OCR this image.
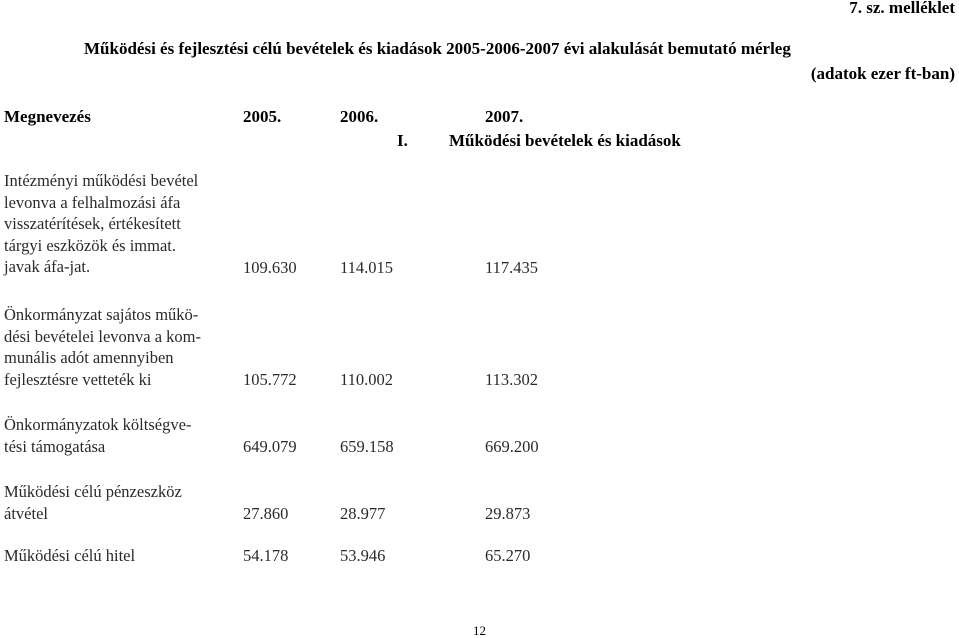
7. sz. melléklet
Működési és fejlesztési célú bevételek és kiadások 2005-2006-2007 évi alakulását bemutató mérleg
(adatok ezer ft-ban)
Megnevezés	2005.	2006.	2007.
I. Működési bevételek és kiadások
Intézményi működési bevétel
levonva a felhalmozási áfa
visszatérítések, értékesített
tárgyi eszközök és immat.
javak áfa-jat.	109.630	114.015	117.435
Önkormányzat sajátos műkö-
dési bevételei levonva a kom-
munális adót amennyiben
fejlesztésre vetteték ki	105.772	110.002	113.302
Önkormányzatok költségve-
tési támogatása	649.079	659.158	669.200
Működési célú pénzeszköz
átvétel	27.860	28.977	29.873
Működési célú hitel	54.178	53.946	65.270
12
